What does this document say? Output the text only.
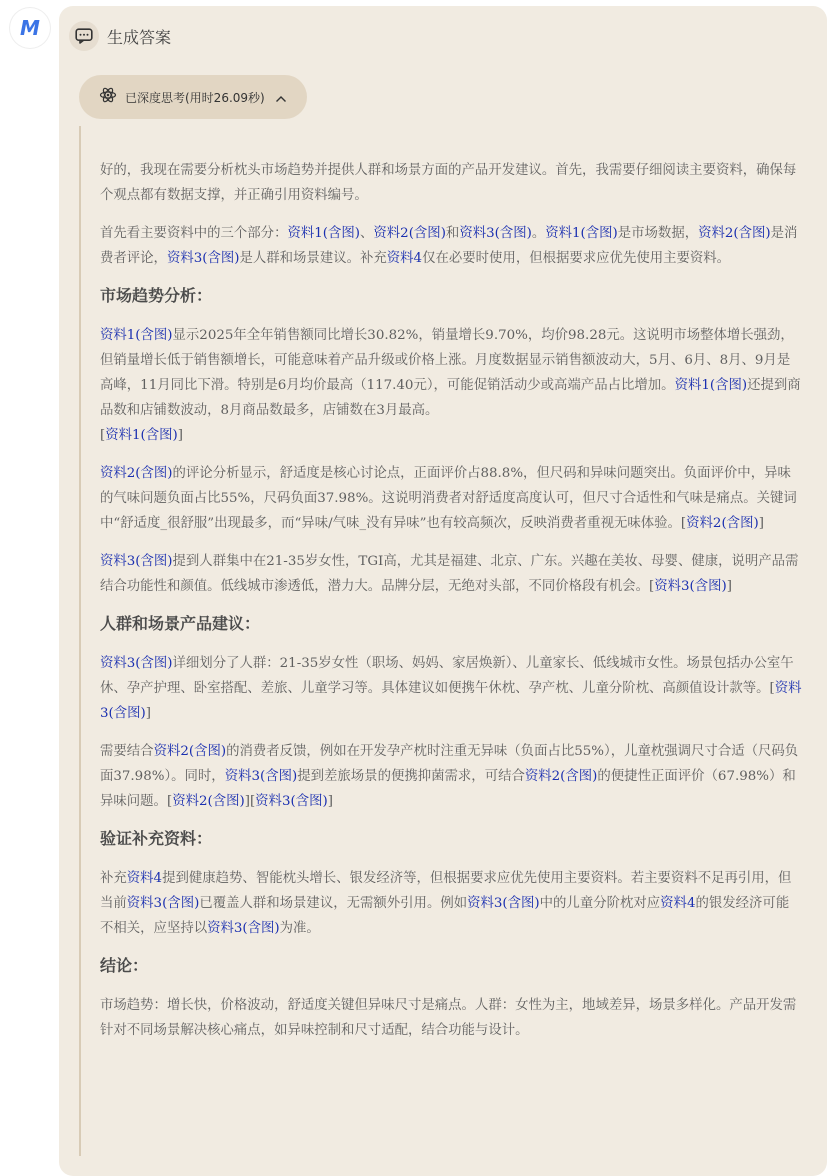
M	生成答案
已深度思考(用时26.09秒)

好的，我现在需要分析枕头市场趋势并提供人群和场景方面的产品开发建议。首先，我需要仔细阅读主要资料，确保每个观点都有数据支撑，并正确引用资料编号。

首先看主要资料中的三个部分：资料1(含图)、资料2(含图)和资料3(含图)。资料1(含图)是市场数据，资料2(含图)是消费者评论，资料3(含图)是人群和场景建议。补充资料4仅在必要时使用，但根据要求应优先使用主要资料。

市场趋势分析：

资料1(含图)显示2025年全年销售额同比增长30.82%，销量增长9.70%，均价98.28元。这说明市场整体增长强劲，但销量增长低于销售额增长，可能意味着产品升级或价格上涨。月度数据显示销售额波动大，5月、6月、8月、9月是高峰，11月同比下滑。特别是6月均价最高（117.40元），可能促销活动少或高端产品占比增加。资料1(含图)还提到商品数和店铺数波动，8月商品数最多，店铺数在3月最高。
[资料1(含图)]

资料2(含图)的评论分析显示，舒适度是核心讨论点，正面评价占88.8%，但尺码和异味问题突出。负面评价中，异味的气味问题负面占比55%，尺码负面37.98%。这说明消费者对舒适度高度认可，但尺寸合适性和气味是痛点。关键词中“舒适度_很舒服”出现最多，而“异味/气味_没有异味”也有较高频次，反映消费者重视无味体验。[资料2(含图)]

资料3(含图)提到人群集中在21-35岁女性，TGI高，尤其是福建、北京、广东。兴趣在美妆、母婴、健康，说明产品需结合功能性和颜值。低线城市渗透低，潜力大。品牌分层，无绝对头部，不同价格段有机会。[资料3(含图)]

人群和场景产品建议：

资料3(含图)详细划分了人群：21-35岁女性（职场、妈妈、家居焕新）、儿童家长、低线城市女性。场景包括办公室午休、孕产护理、卧室搭配、差旅、儿童学习等。具体建议如便携午休枕、孕产枕、儿童分阶枕、高颜值设计款等。[资料3(含图)]

需要结合资料2(含图)的消费者反馈，例如在开发孕产枕时注重无异味（负面占比55%），儿童枕强调尺寸合适（尺码负面37.98%）。同时，资料3(含图)提到差旅场景的便携抑菌需求，可结合资料2(含图)的便捷性正面评价（67.98%）和异味问题。[资料2(含图)][资料3(含图)]

验证补充资料：

补充资料4提到健康趋势、智能枕头增长、银发经济等，但根据要求应优先使用主要资料。若主要资料不足再引用，但当前资料3(含图)已覆盖人群和场景建议，无需额外引用。例如资料3(含图)中的儿童分阶枕对应资料4的银发经济可能不相关，应坚持以资料3(含图)为准。

结论：

市场趋势：增长快，价格波动，舒适度关键但异味尺寸是痛点。人群：女性为主，地域差异，场景多样化。产品开发需针对不同场景解决核心痛点，如异味控制和尺寸适配，结合功能与设计。
